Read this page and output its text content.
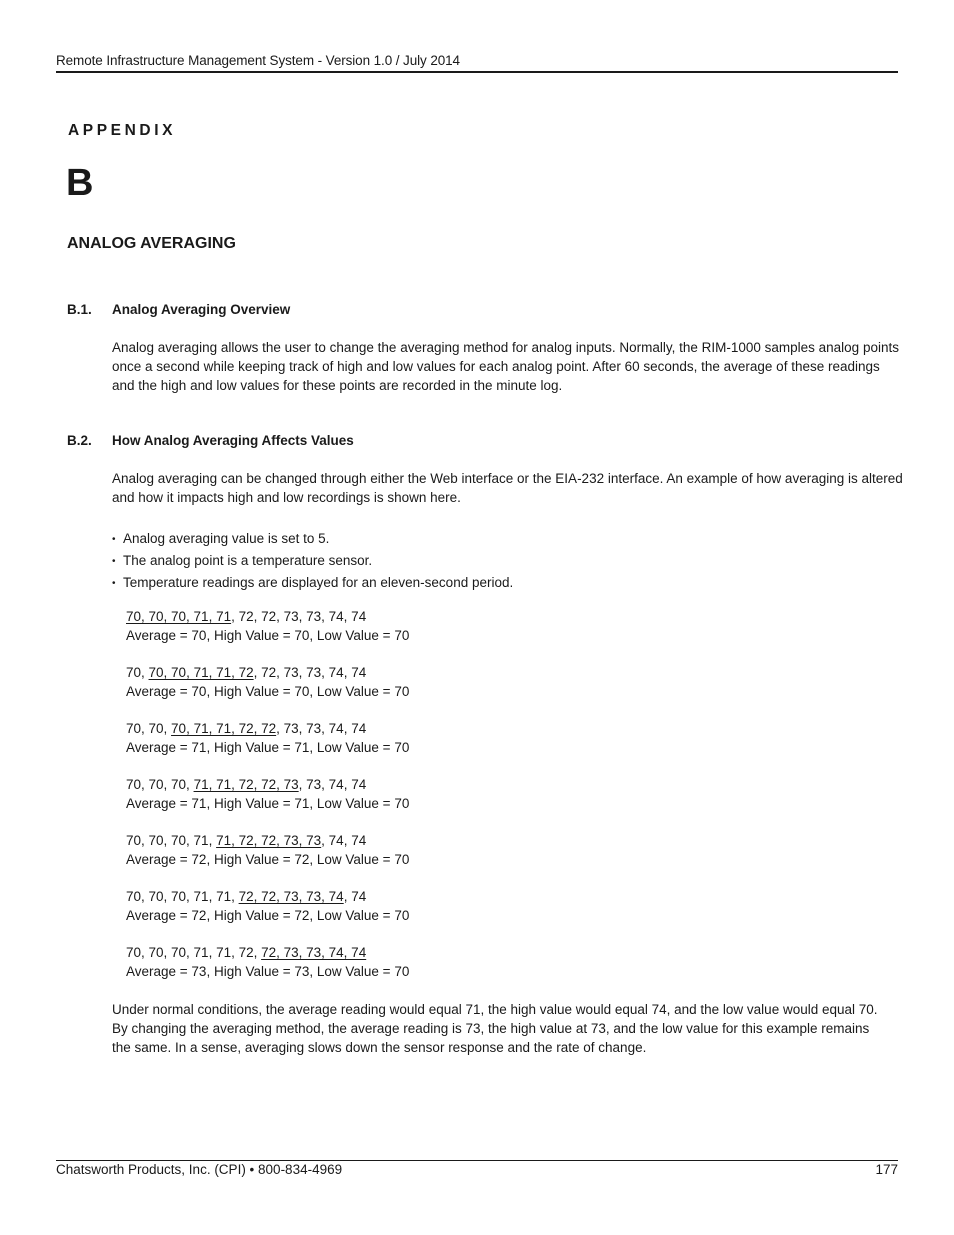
Remote Infrastructure Management System - Version 1.0 / July 2014
APPENDIX
B
ANALOG AVERAGING
B.1. Analog Averaging Overview
Analog averaging allows the user to change the averaging method for analog inputs. Normally, the RIM-1000 samples analog points
once a second while keeping track of high and low values for each analog point. After 60 seconds, the average of these readings
and the high and low values for these points are recorded in the minute log.
B.2. How Analog Averaging Affects Values
Analog averaging can be changed through either the Web interface or the EIA-232 interface. An example of how averaging is altered
and how it impacts high and low recordings is shown here.
• Analog averaging value is set to 5.
• The analog point is a temperature sensor.
• Temperature readings are displayed for an eleven-second period.
70, 70, 70, 71, 71, 72, 72, 73, 73, 74, 74
Average = 70, High Value = 70, Low Value = 70
70, 70, 70, 71, 71, 72, 72, 73, 73, 74, 74
Average = 70, High Value = 70, Low Value = 70
70, 70, 70, 71, 71, 72, 72, 73, 73, 74, 74
Average = 71, High Value = 71, Low Value = 70
70, 70, 70, 71, 71, 72, 72, 73, 73, 74, 74
Average = 71, High Value = 71, Low Value = 70
70, 70, 70, 71, 71, 72, 72, 73, 73, 74, 74
Average = 72, High Value = 72, Low Value = 70
70, 70, 70, 71, 71, 72, 72, 73, 73, 74, 74
Average = 72, High Value = 72, Low Value = 70
70, 70, 70, 71, 71, 72, 72, 73, 73, 74, 74
Average = 73, High Value = 73, Low Value = 70
Under normal conditions, the average reading would equal 71, the high value would equal 74, and the low value would equal 70.
By changing the averaging method, the average reading is 73, the high value at 73, and the low value for this example remains
the same. In a sense, averaging slows down the sensor response and the rate of change.
Chatsworth Products, Inc. (CPI) • 800-834-4969	177
